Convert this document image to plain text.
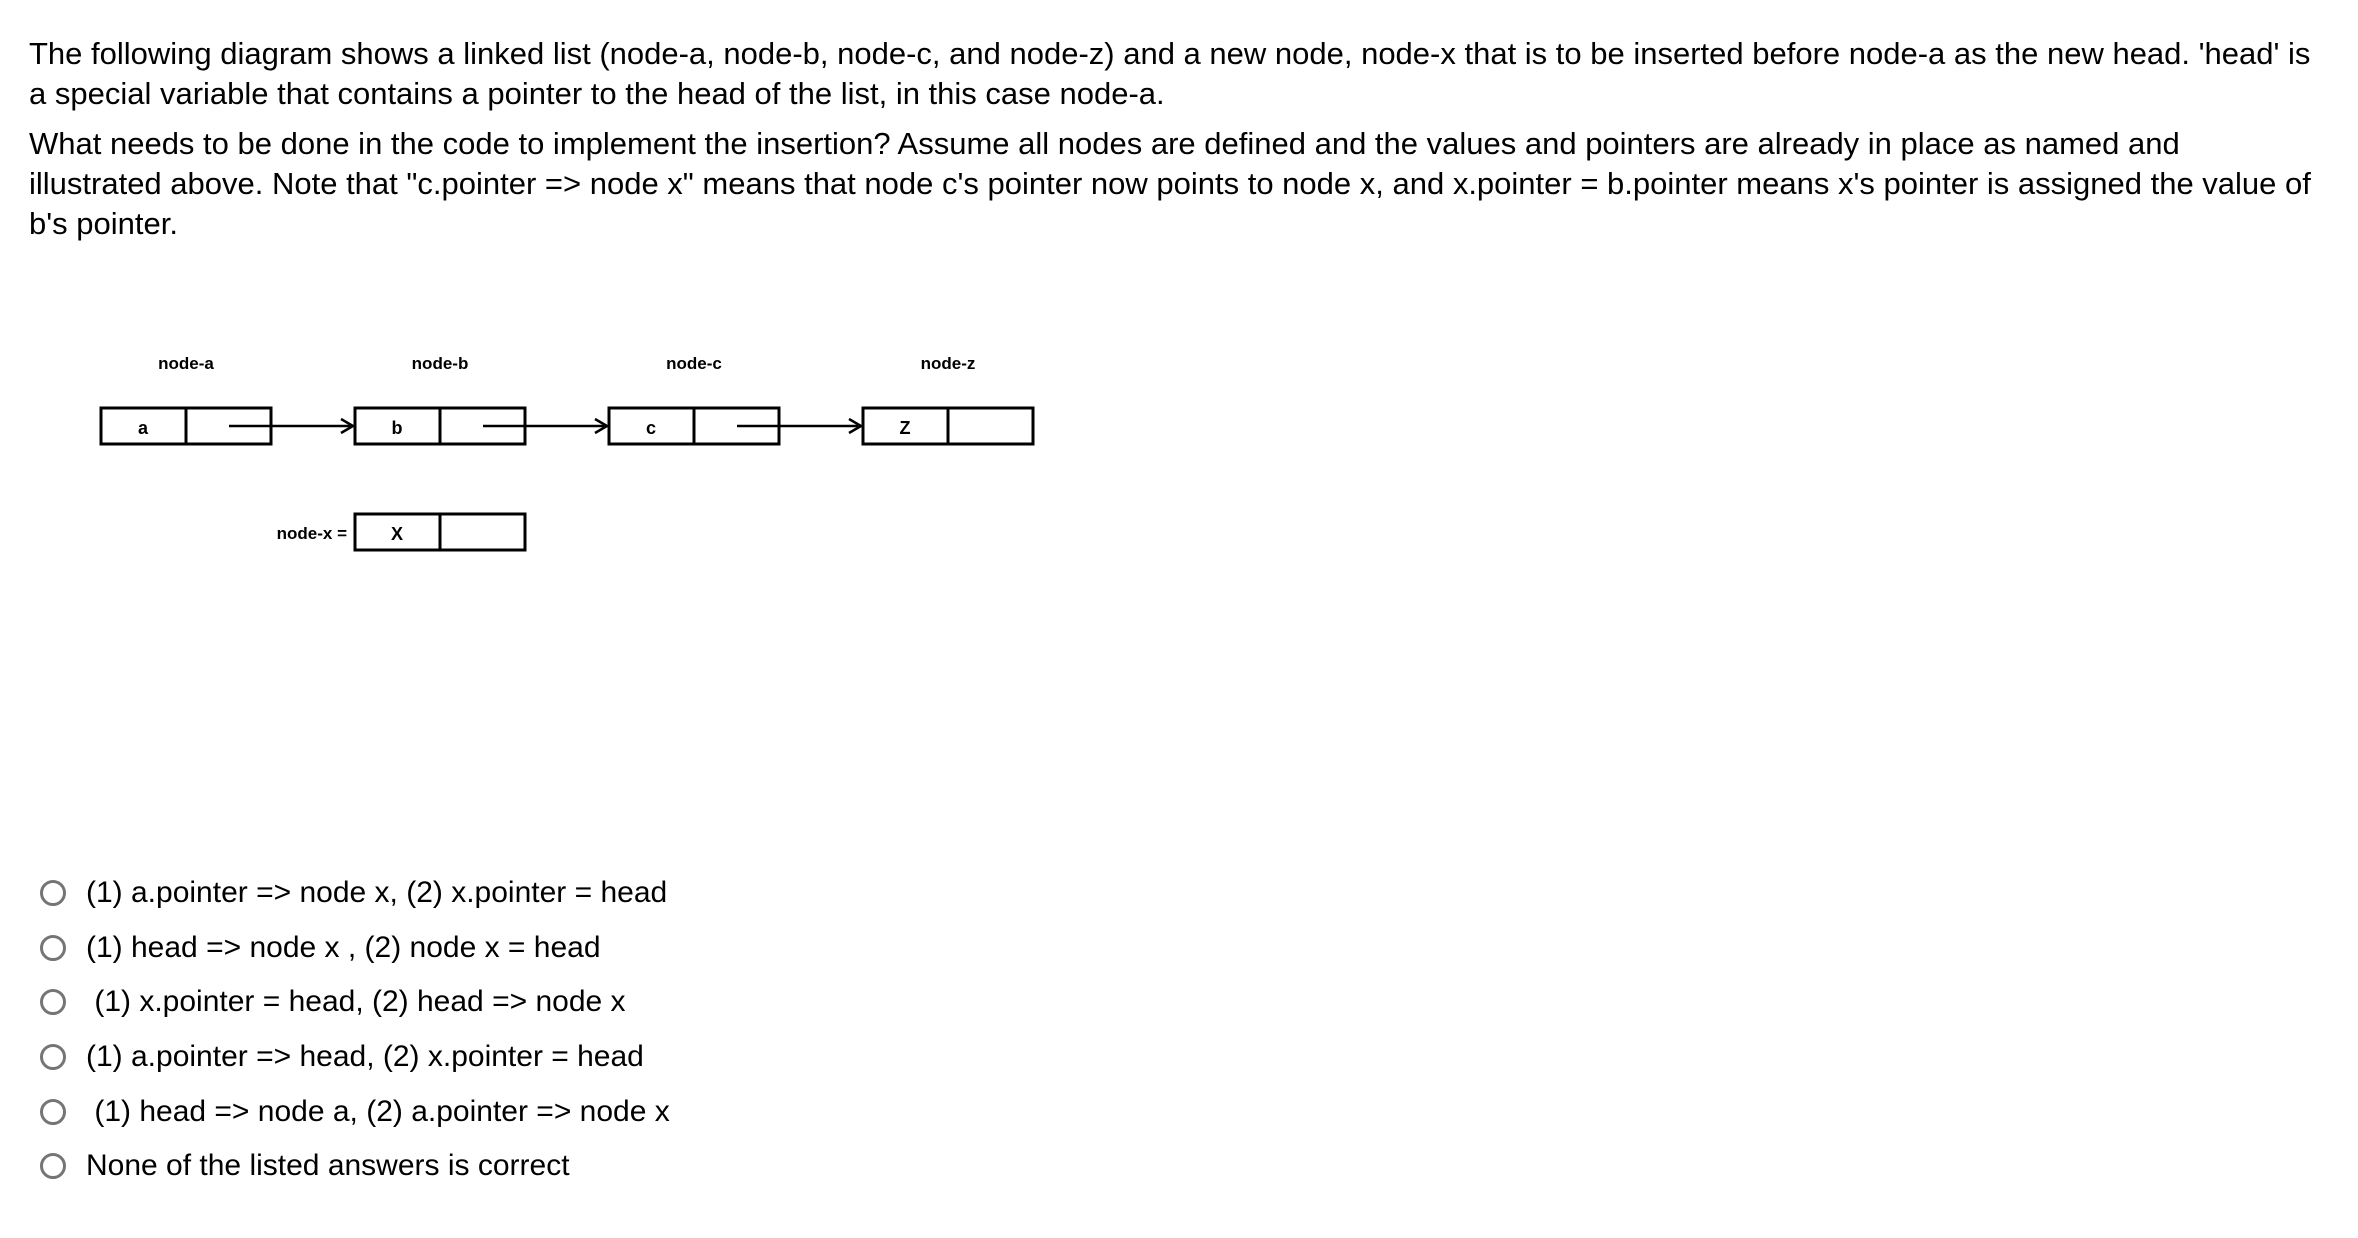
The following diagram shows a linked list (node-a, node-b, node-c, and node-z) and a new node, node-x that is to be inserted before node-a as the new head. 'head' is a special variable that contains a pointer to the head of the list, in this case node-a.

What needs to be done in the code to implement the insertion? Assume all nodes are defined and the values and pointers are already in place as named and illustrated above. Note that "c.pointer => node x" means that node c's pointer now points to node x, and x.pointer = b.pointer means x's pointer is assigned the value of b's pointer.

node-a	node-b	node-c	node-z
a	b	c	Z
node-x = X
(1) a.pointer => node x, (2) x.pointer = head
(1) head => node x , (2) node x = head
(1) x.pointer = head, (2) head => node x
(1) a.pointer => head, (2) x.pointer = head
(1) head => node a, (2) a.pointer => node x
None of the listed answers is correct
